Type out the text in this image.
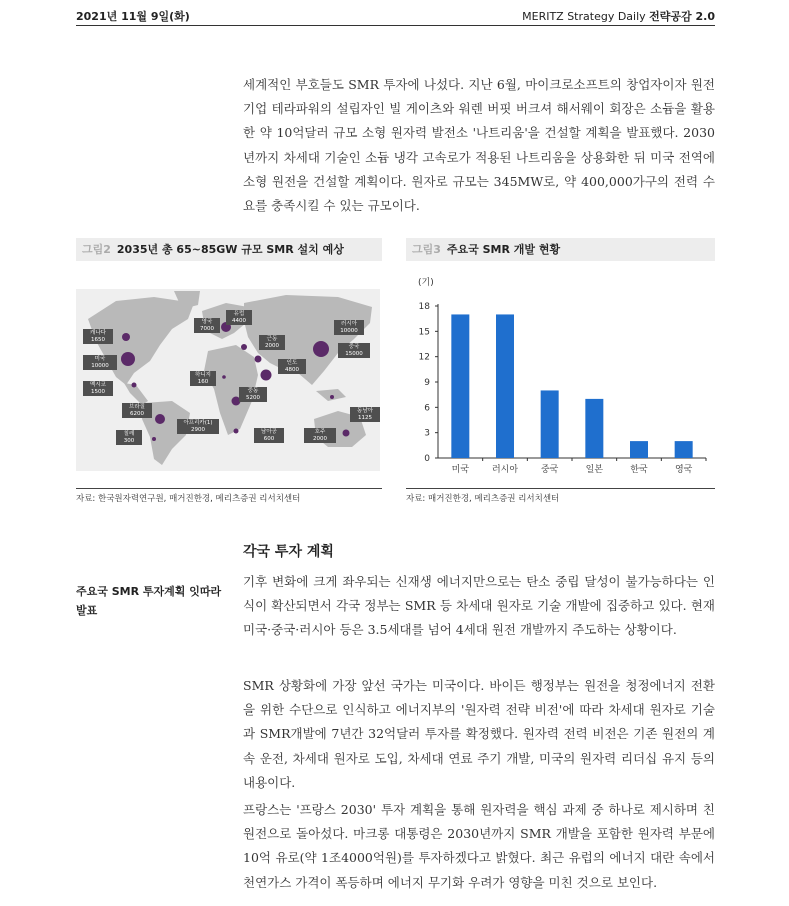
2021년 11월 9일(화)	MERITZ Strategy Daily 전략공감 2.0
세계적인 부호들도 SMR 투자에 나섰다. 지난 6월, 마이크로소프트의 창업자이자 원전기업 테라파워의 설립자인 빌 게이츠와 워렌 버핏 버크셔 해서웨이 회장은 소듐을 활용한 약 10억달러 규모 소형 원자력 발전소 '나트리움'을 건설할 계획을 발표했다. 2030년까지 차세대 기술인 소듐 냉각 고속로가 적용된 나트리움을 상용화한 뒤 미국 전역에 소형 원전을 건설할 계획이다. 원자로 규모는 345MW로, 약 400,000가구의 전력 수요를 충족시킬 수 있는 규모이다.
그림2 2035년 총 65~85GW 규모 SMR 설치 예상	그림3 주요국 SMR 개발 현황
캐나다
1650
미국
10000
멕시코
1500
브라질
6200
칠레
300
영국
7000
유럽
4400
아프리카(1)
2900
러시아
10000
근동
2000	중국
15000
인도
4800
동남아
1125
하니지
160
중동
5200
남아공
600
호주
2000
자료: 한국원자력연구원, 매거진한경, 메리츠증권 리서치센터
(기)
0
3
6
9
12
15
18
미국	러시아	중국	일본	한국	영국
자료: 매거진한경, 메리츠증권 리서치센터
각국 투자 계획
주요국 SMR 투자계획 잇따라 발표
기후 변화에 크게 좌우되는 신재생 에너지만으로는 탄소 중립 달성이 불가능하다는 인식이 확산되면서 각국 정부는 SMR 등 차세대 원자로 기술 개발에 집중하고 있다. 현재 미국·중국·러시아 등은 3.5세대를 넘어 4세대 원전 개발까지 주도하는 상황이다.
SMR 상황화에 가장 앞선 국가는 미국이다. 바이든 행정부는 원전을 청정에너지 전환을 위한 수단으로 인식하고 에너지부의 '원자력 전략 비전'에 따라 차세대 원자로 기술과 SMR개발에 7년간 32억달러 투자를 확정했다. 원자력 전력 비전은 기존 원전의 계속 운전, 차세대 원자로 도입, 차세대 연료 주기 개발, 미국의 원자력 리더십 유지 등의 내용이다.
프랑스는 '프랑스 2030' 투자 계획을 통해 원자력을 핵심 과제 중 하나로 제시하며 친원전으로 돌아섰다. 마크롱 대통령은 2030년까지 SMR 개발을 포함한 원자력 부문에 10억 유로(약 1조4000억원)를 투자하겠다고 밝혔다. 최근 유럽의 에너지 대란 속에서 천연가스 가격이 폭등하며 에너지 무기화 우려가 영향을 미친 것으로 보인다.
